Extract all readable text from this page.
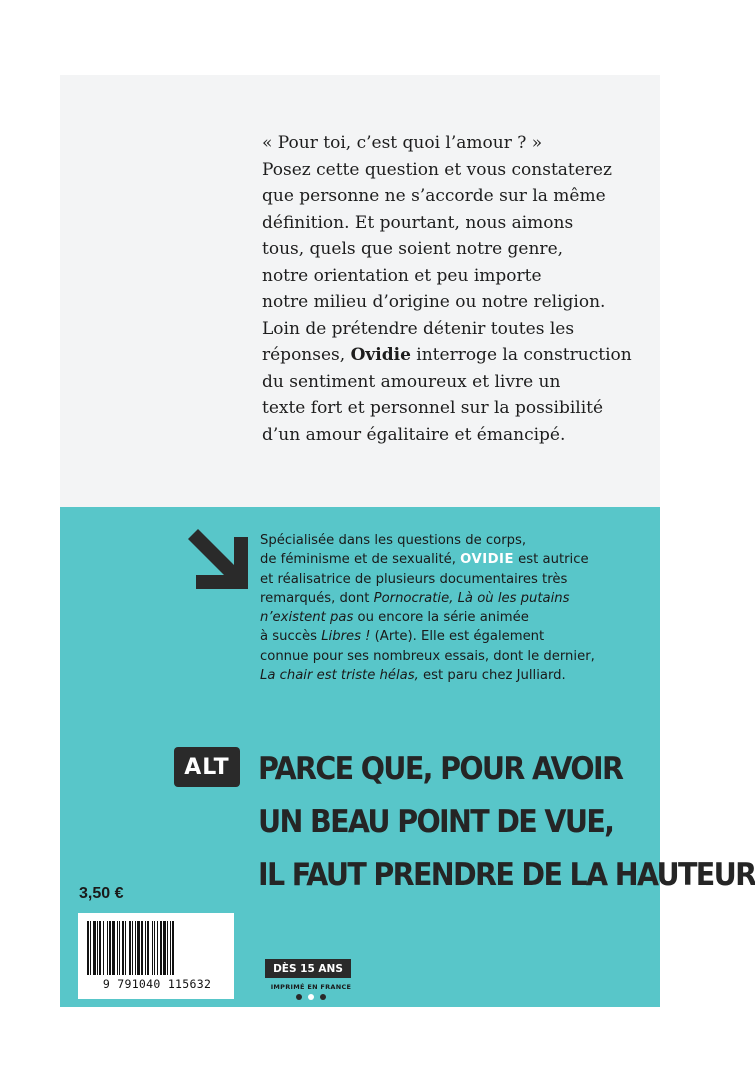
« Pour toi, c’est quoi l’amour ? »
Posez cette question et vous constaterez
que personne ne s’accorde sur la même
définition. Et pourtant, nous aimons
tous, quels que soient notre genre,
notre orientation et peu importe
notre milieu d’origine ou notre religion.
Loin de prétendre détenir toutes les
réponses, Ovidie interroge la construction
du sentiment amoureux et livre un
texte fort et personnel sur la possibilité
d’un amour égalitaire et émancipé.
Spécialisée dans les questions de corps,
de féminisme et de sexualité, OVIDIE est autrice
et réalisatrice de plusieurs documentaires très
remarqués, dont Pornocratie, Là où les putains
n’existent pas ou encore la série animée
à succès Libres ! (Arte). Elle est également
connue pour ses nombreux essais, dont le dernier,
La chair est triste hélas, est paru chez Julliard.
ALT PARCE QUE, POUR AVOIR
UN BEAU POINT DE VUE,
IL FAUT PRENDRE DE LA HAUTEUR
3,50 €
9 791040 115632
DÈS 15 ANS
IMPRIMÉ EN FRANCE
